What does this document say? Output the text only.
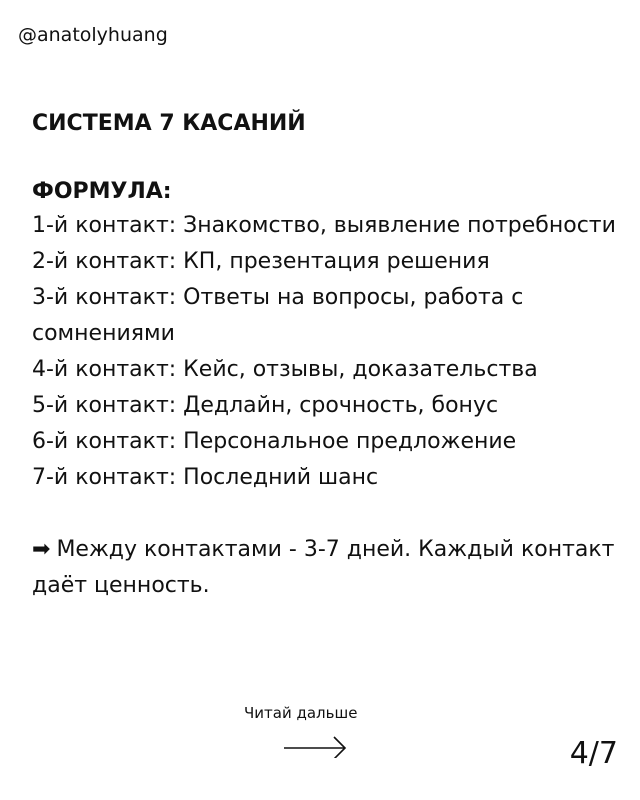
@anatolyhuang
СИСТЕМА 7 КАСАНИЙ
ФОРМУЛА:
1-й контакт: Знакомство, выявление потребности
2-й контакт: КП, презентация решения
3-й контакт: Ответы на вопросы, работа с сомнениями
4-й контакт: Кейс, отзывы, доказательства
5-й контакт: Дедлайн, срочность, бонус
6-й контакт: Персональное предложение
7-й контакт: Последний шанс
➡ Между контактами - 3-7 дней. Каждый контакт даёт ценность.
Читай дальше
4/7
